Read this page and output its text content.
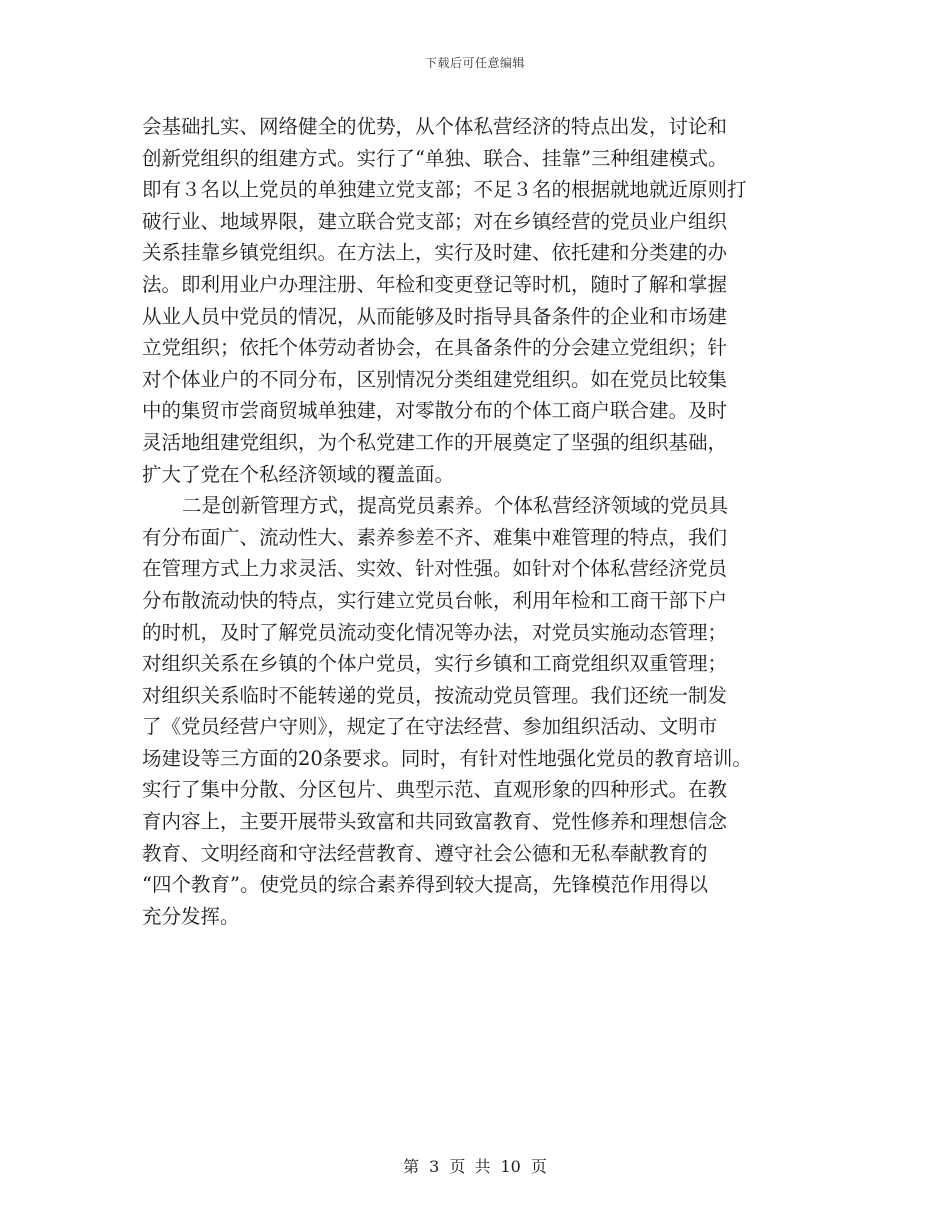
下载后可任意编辑
会基础扎实、网络健全的优势，从个体私营经济的特点出发，讨论和
创新党组织的组建方式。实行了“单独、联合、挂靠”三种组建模式。
即有３名以上党员的单独建立党支部；不足３名的根据就地就近原则打
破行业、地域界限，建立联合党支部；对在乡镇经营的党员业户组织
关系挂靠乡镇党组织。在方法上，实行及时建、依托建和分类建的办
法。即利用业户办理注册、年检和变更登记等时机，随时了解和掌握
从业人员中党员的情况，从而能够及时指导具备条件的企业和市场建
立党组织；依托个体劳动者协会，在具备条件的分会建立党组织；针
对个体业户的不同分布，区别情况分类组建党组织。如在党员比较集
中的集贸市尝商贸城单独建，对零散分布的个体工商户联合建。及时
灵活地组建党组织，为个私党建工作的开展奠定了坚强的组织基础，
扩大了党在个私经济领域的覆盖面。
二是创新管理方式，提高党员素养。个体私营经济领域的党员具
有分布面广、流动性大、素养参差不齐、难集中难管理的特点，我们
在管理方式上力求灵活、实效、针对性强。如针对个体私营经济党员
分布散流动快的特点，实行建立党员台帐，利用年检和工商干部下户
的时机，及时了解党员流动变化情况等办法，对党员实施动态管理；
对组织关系在乡镇的个体户党员，实行乡镇和工商党组织双重管理；
对组织关系临时不能转递的党员，按流动党员管理。我们还统一制发
了《党员经营户守则》，规定了在守法经营、参加组织活动、文明市
场建设等三方面的20条要求。同时，有针对性地强化党员的教育培训。
实行了集中分散、分区包片、典型示范、直观形象的四种形式。在教
育内容上，主要开展带头致富和共同致富教育、党性修养和理想信念
教育、文明经商和守法经营教育、遵守社会公德和无私奉献教育的
“四个教育”。使党员的综合素养得到较大提高，先锋模范作用得以
充分发挥。
第 3 页 共 10 页
